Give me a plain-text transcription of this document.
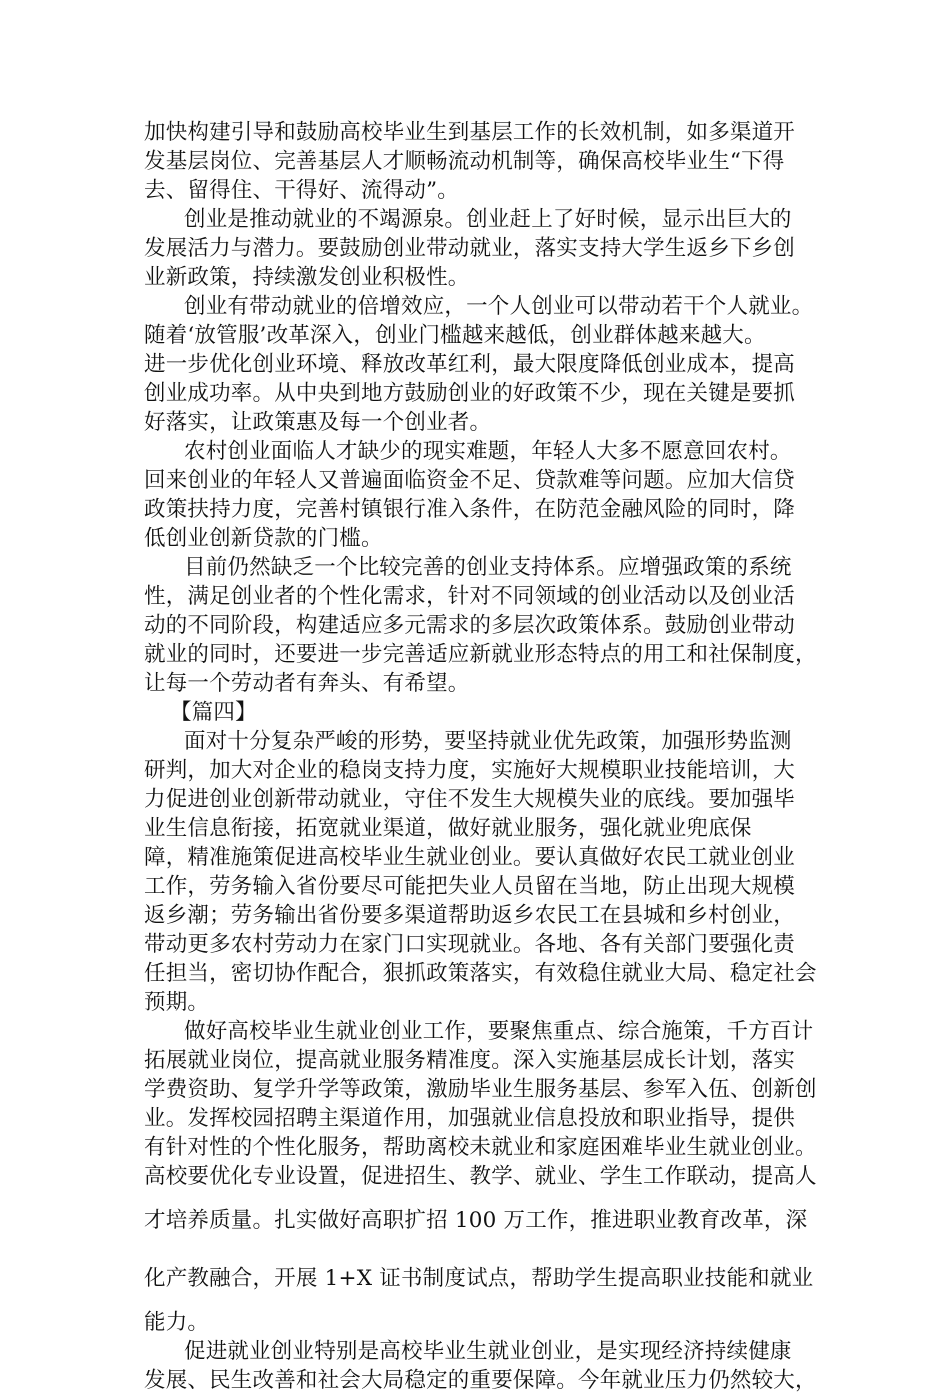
加快构建引导和鼓励高校毕业生到基层工作的长效机制，如多渠道开
发基层岗位、完善基层人才顺畅流动机制等，确保高校毕业生“下得
去、留得住、干得好、流得动”。
创业是推动就业的不竭源泉。创业赶上了好时候，显示出巨大的
发展活力与潜力。要鼓励创业带动就业，落实支持大学生返乡下乡创
业新政策，持续激发创业积极性。
创业有带动就业的倍增效应，一个人创业可以带动若干个人就业。
随着‘放管服’改革深入，创业门槛越来越低，创业群体越来越大。
进一步优化创业环境、释放改革红利，最大限度降低创业成本，提高
创业成功率。从中央到地方鼓励创业的好政策不少，现在关键是要抓
好落实，让政策惠及每一个创业者。
农村创业面临人才缺少的现实难题，年轻人大多不愿意回农村。
回来创业的年轻人又普遍面临资金不足、贷款难等问题。应加大信贷
政策扶持力度，完善村镇银行准入条件，在防范金融风险的同时，降
低创业创新贷款的门槛。
目前仍然缺乏一个比较完善的创业支持体系。应增强政策的系统
性，满足创业者的个性化需求，针对不同领域的创业活动以及创业活
动的不同阶段，构建适应多元需求的多层次政策体系。鼓励创业带动
就业的同时，还要进一步完善适应新就业形态特点的用工和社保制度，
让每一个劳动者有奔头、有希望。
【篇四】
面对十分复杂严峻的形势，要坚持就业优先政策，加强形势监测
研判，加大对企业的稳岗支持力度，实施好大规模职业技能培训，大
力促进创业创新带动就业，守住不发生大规模失业的底线。要加强毕
业生信息衔接，拓宽就业渠道，做好就业服务，强化就业兜底保
障，精准施策促进高校毕业生就业创业。要认真做好农民工就业创业
工作，劳务输入省份要尽可能把失业人员留在当地，防止出现大规模
返乡潮；劳务输出省份要多渠道帮助返乡农民工在县城和乡村创业，
带动更多农村劳动力在家门口实现就业。各地、各有关部门要强化责
任担当，密切协作配合，狠抓政策落实，有效稳住就业大局、稳定社会
预期。
做好高校毕业生就业创业工作，要聚焦重点、综合施策，千方百计
拓展就业岗位，提高就业服务精准度。深入实施基层成长计划，落实
学费资助、复学升学等政策，激励毕业生服务基层、参军入伍、创新创
业。发挥校园招聘主渠道作用，加强就业信息投放和职业指导，提供
有针对性的个性化服务，帮助离校未就业和家庭困难毕业生就业创业。
高校要优化专业设置，促进招生、教学、就业、学生工作联动，提高人
才培养质量。扎实做好高职扩招 100 万工作，推进职业教育改革，深
化产教融合，开展 1+X 证书制度试点，帮助学生提高职业技能和就业
能力。
促进就业创业特别是高校毕业生就业创业，是实现经济持续健康
发展、民生改善和社会大局稳定的重要保障。今年就业压力仍然较大，
